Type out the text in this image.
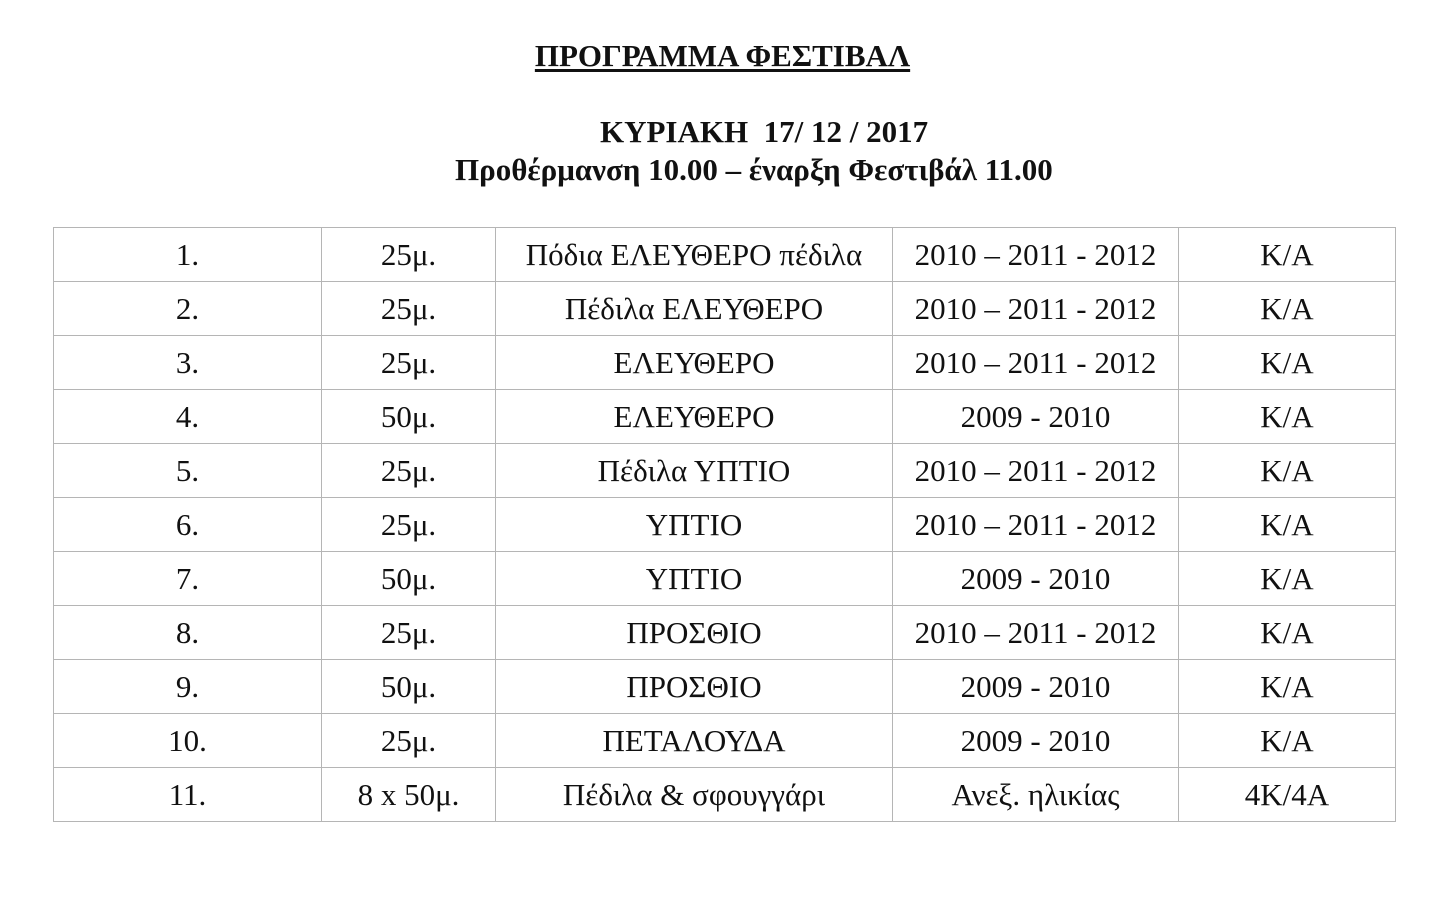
ΠΡΟΓΡΑΜΜΑ ΦΕΣΤΙΒΑΛ
ΚΥΡΙΑΚΗ  17/ 12 / 2017
Προθέρμανση 10.00 – έναρξη Φεστιβάλ 11.00
1.	25μ.	Πόδια ΕΛΕΥΘΕΡΟ πέδιλα	2010 – 2011 - 2012	Κ/Α
2.	25μ.	Πέδιλα ΕΛΕΥΘΕΡΟ	2010 – 2011 - 2012	Κ/Α
3.	25μ.	ΕΛΕΥΘΕΡΟ	2010 – 2011 - 2012	Κ/Α
4.	50μ.	ΕΛΕΥΘΕΡΟ	2009 - 2010	Κ/Α
5.	25μ.	Πέδιλα ΥΠΤΙΟ	2010 – 2011 - 2012	Κ/Α
6.	25μ.	ΥΠΤΙΟ	2010 – 2011 - 2012	Κ/Α
7.	50μ.	ΥΠΤΙΟ	2009 - 2010	Κ/Α
8.	25μ.	ΠΡΟΣΘΙΟ	2010 – 2011 - 2012	Κ/Α
9.	50μ.	ΠΡΟΣΘΙΟ	2009 - 2010	Κ/Α
10.	25μ.	ΠΕΤΑΛΟΥΔΑ	2009 - 2010	Κ/Α
11.	8 x 50μ.	Πέδιλα & σφουγγάρι	Ανεξ. ηλικίας	4Κ/4Α
